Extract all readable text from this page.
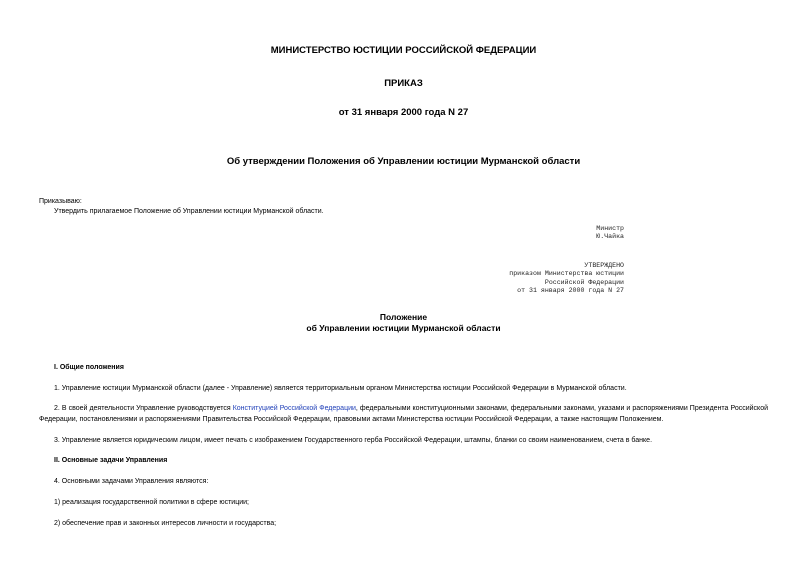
МИНИСТЕРСТВО ЮСТИЦИИ РОССИЙСКОЙ ФЕДЕРАЦИИ
ПРИКАЗ
от 31 января 2000 года N 27
Об утверждении Положения об Управлении юстиции Мурманской области
Приказываю:
Утвердить прилагаемое Положение об Управлении юстиции Мурманской области.
Министр
Ю.Чайка
УТВЕРЖДЕНО
приказом Министерства юстиции
Российской Федерации
от 31 января 2000 года N 27
Положение
об Управлении юстиции Мурманской области
I. Общие положения
1. Управление юстиции Мурманской области (далее - Управление) является территориальным органом Министерства юстиции Российской Федерации в Мурманской области.
2. В своей деятельности Управление руководствуется Конституцией Российской Федерации, федеральными конституционными законами, федеральными законами, указами и распоряжениями Президента Российской Федерации, постановлениями и распоряжениями Правительства Российской Федерации, правовыми актами Министерства юстиции Российской Федерации, а также настоящим Положением.
3. Управление является юридическим лицом, имеет печать с изображением Государственного герба Российской Федерации, штампы, бланки со своим наименованием, счета в банке.
II. Основные задачи Управления
4. Основными задачами Управления являются:
1) реализация государственной политики в сфере юстиции;
2) обеспечение прав и законных интересов личности и государства;
